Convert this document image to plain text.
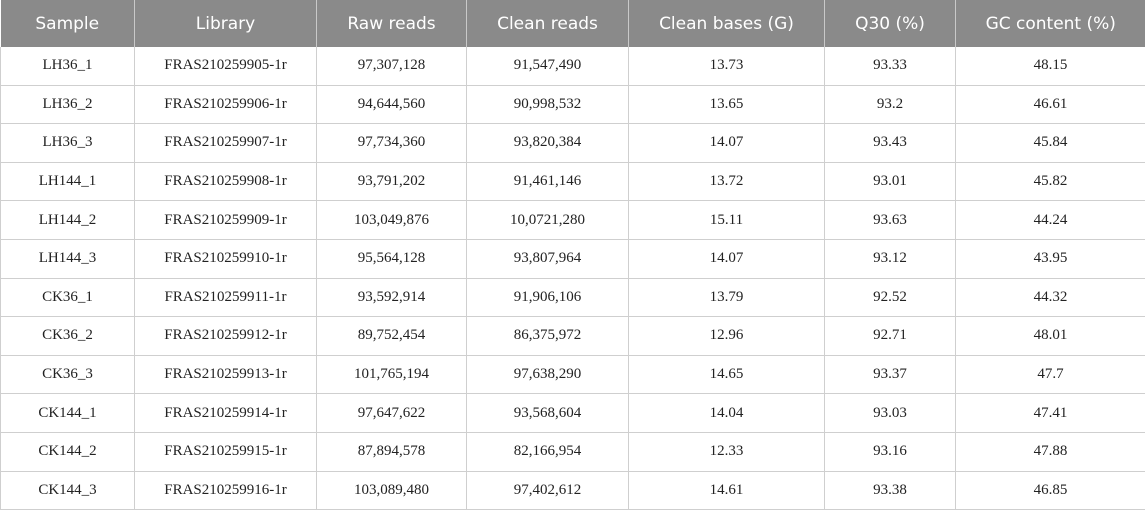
Sample	Library	Raw reads	Clean reads	Clean bases (G)	Q30 (%)	GC content (%)
LH36_1	FRAS210259905-1r	97,307,128	91,547,490	13.73	93.33	48.15
LH36_2	FRAS210259906-1r	94,644,560	90,998,532	13.65	93.2	46.61
LH36_3	FRAS210259907-1r	97,734,360	93,820,384	14.07	93.43	45.84
LH144_1	FRAS210259908-1r	93,791,202	91,461,146	13.72	93.01	45.82
LH144_2	FRAS210259909-1r	103,049,876	10,0721,280	15.11	93.63	44.24
LH144_3	FRAS210259910-1r	95,564,128	93,807,964	14.07	93.12	43.95
CK36_1	FRAS210259911-1r	93,592,914	91,906,106	13.79	92.52	44.32
CK36_2	FRAS210259912-1r	89,752,454	86,375,972	12.96	92.71	48.01
CK36_3	FRAS210259913-1r	101,765,194	97,638,290	14.65	93.37	47.7
CK144_1	FRAS210259914-1r	97,647,622	93,568,604	14.04	93.03	47.41
CK144_2	FRAS210259915-1r	87,894,578	82,166,954	12.33	93.16	47.88
CK144_3	FRAS210259916-1r	103,089,480	97,402,612	14.61	93.38	46.85
